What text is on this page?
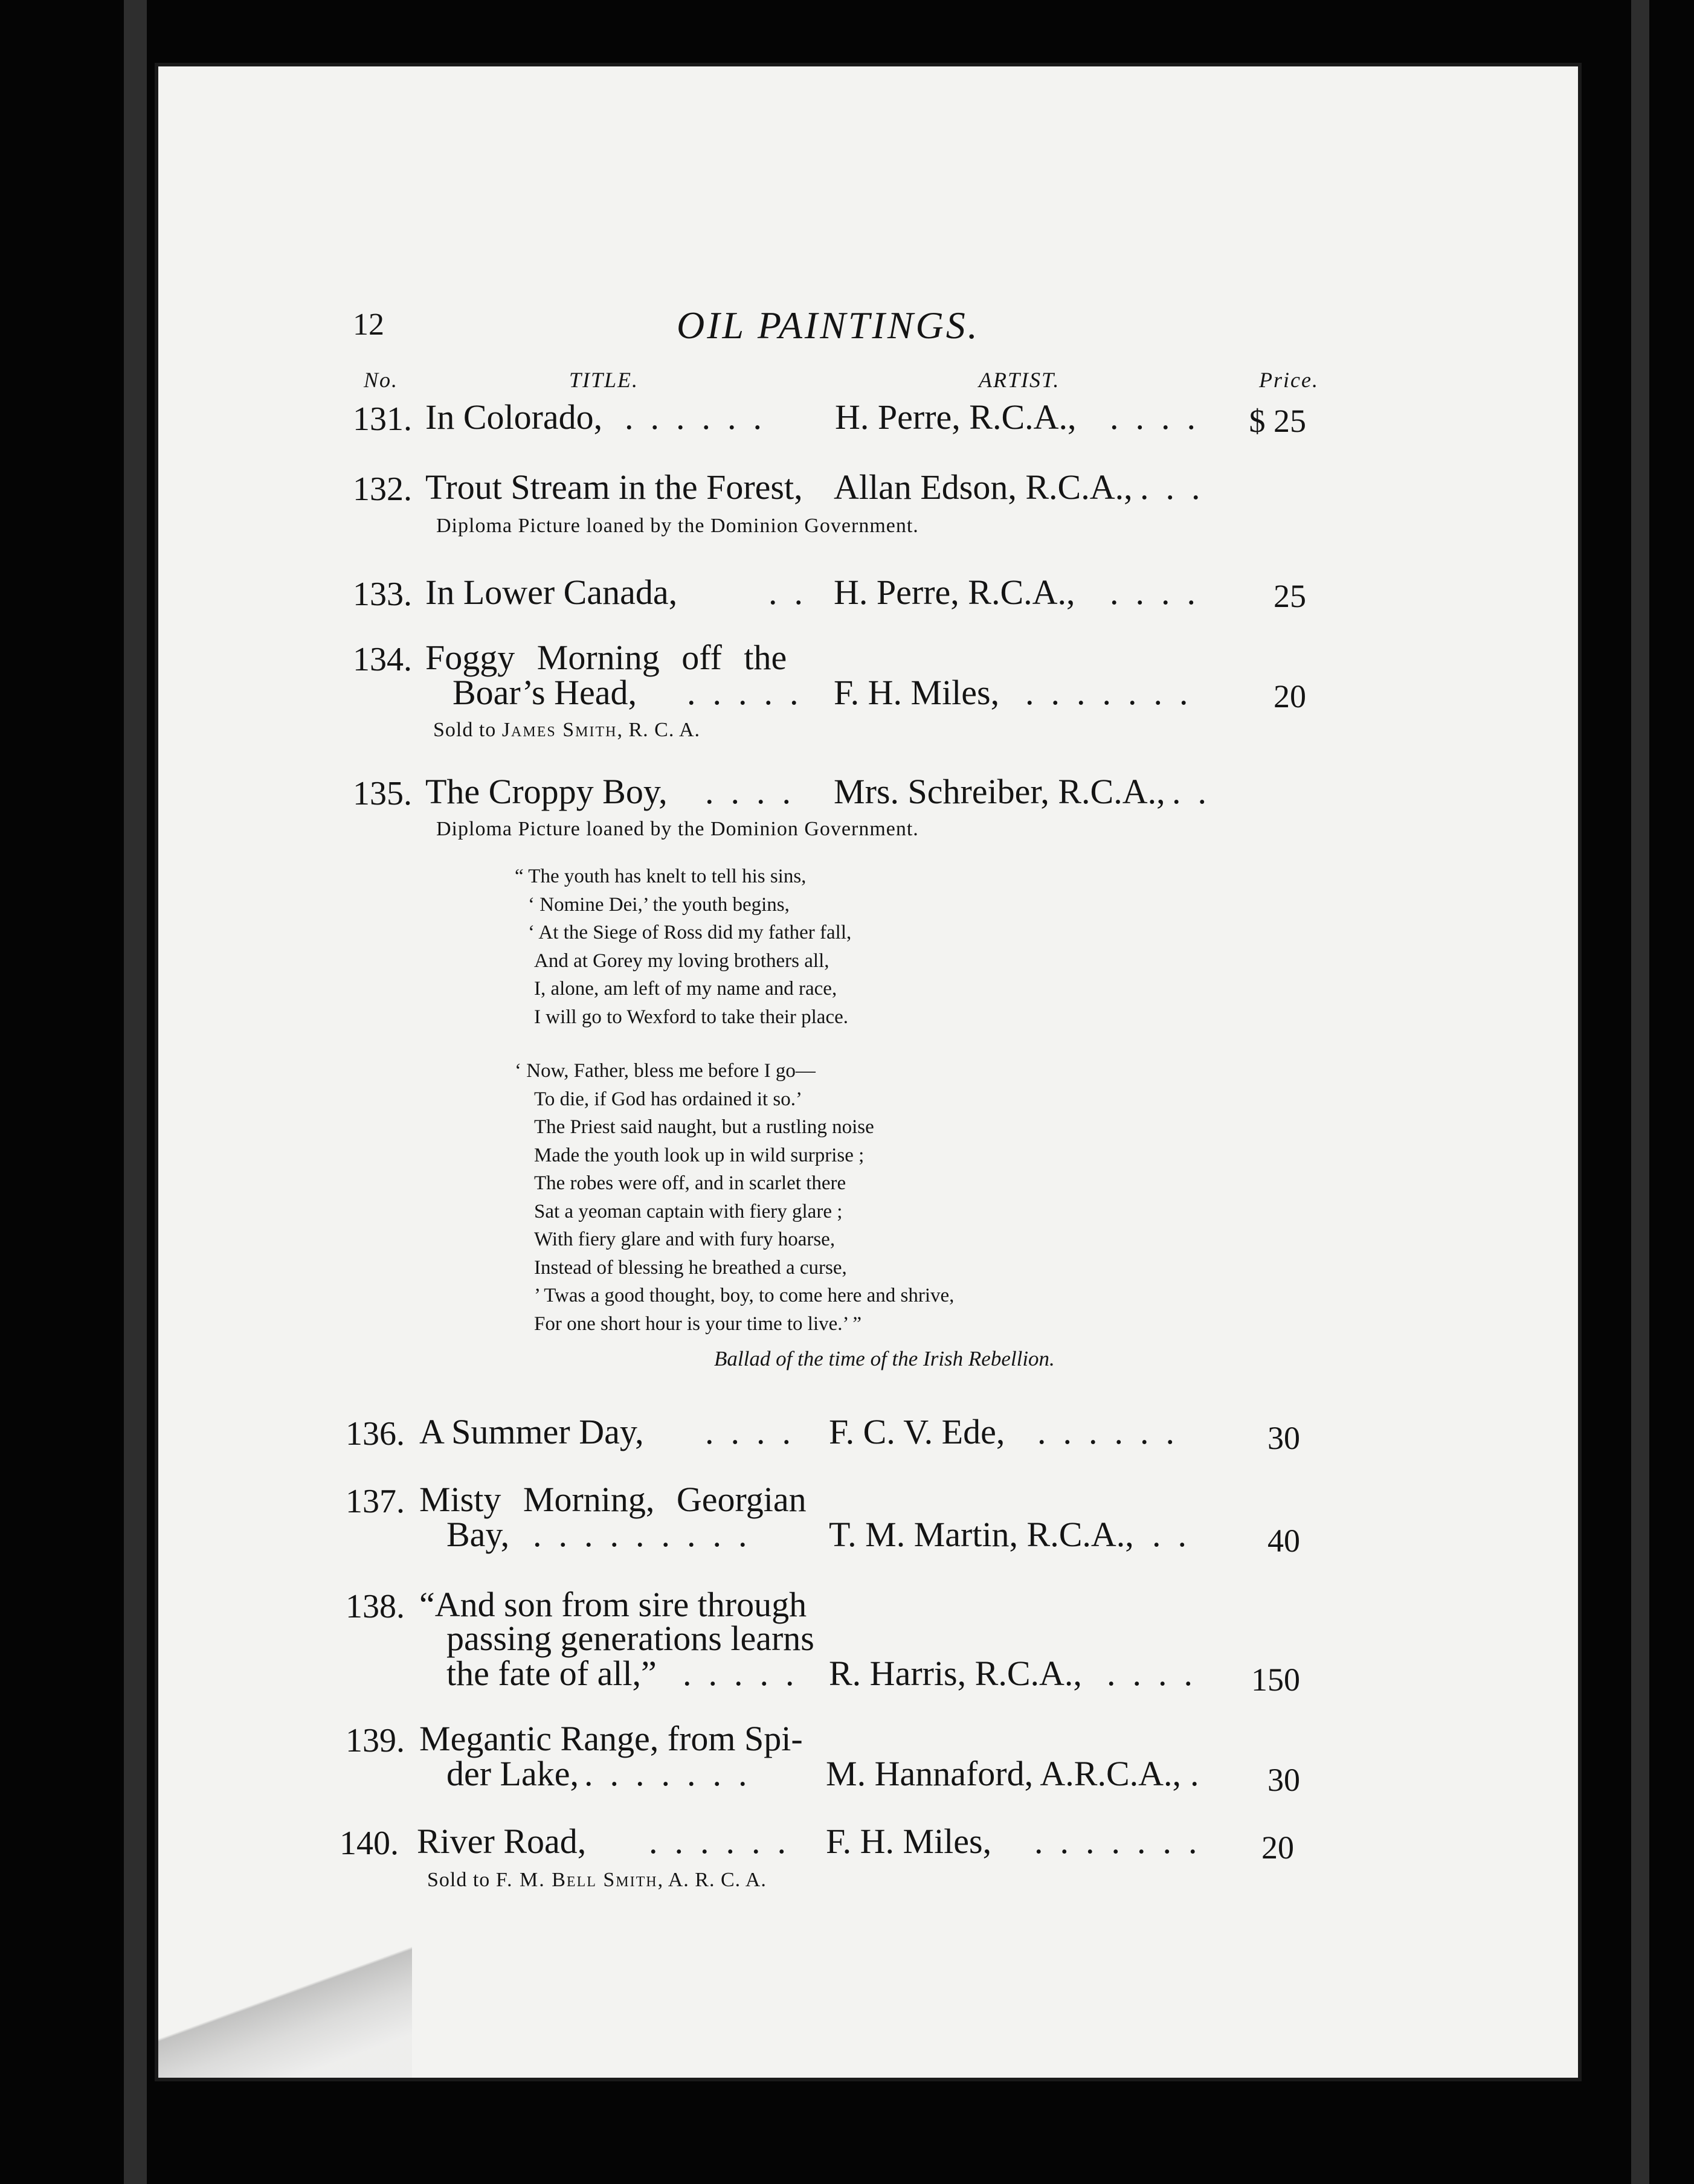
12	OIL PAINTINGS.
No.	TITLE.	ARTIST.	Price.
131. In Colorado, ...... H. Perre, R.C.A., ....	$ 25
132. Trout Stream in the Forest, Allan Edson, R.C.A., ...
Diploma Picture loaned by the Dominion Government.
133. In Lower Canada,	.. H. Perre, R.C.A., ....	25
134. Foggy Morning off the
Boar’s Head, ..... F. H. Miles, .......	20
Sold to James Smith, R. C. A.
135. The Croppy Boy, .... Mrs. Schreiber, R.C.A., ..
Diploma Picture loaned by the Dominion Government.
“ The youth has knelt to tell his sins,
‘ Nomine Dei,’ the youth begins,
‘ At the Siege of Ross did my father fall,
And at Gorey my loving brothers all,
I, alone, am left of my name and race,
I will go to Wexford to take their place.
‘ Now, Father, bless me before I go—
To die, if God has ordained it so.’
The Priest said naught, but a rustling noise
Made the youth look up in wild surprise ;
The robes were off, and in scarlet there
Sat a yeoman captain with fiery glare ;
With fiery glare and with fury hoarse,
Instead of blessing he breathed a curse,
’ Twas a good thought, boy, to come here and shrive,
For one short hour is your time to live.’ ”
Ballad of the time of the Irish Rebellion.
136. A Summer Day, .... F. C. V. Ede, ......	30
137. Misty Morning, Georgian
Bay, ......... T. M. Martin, R.C.A., ..	40
138. “And son from sire through
passing generations learns
the fate of all,” ..... R. Harris, R.C.A., ....	150
139. Megantic Range, from Spi-
der Lake, ....... M. Hannaford, A.R.C.A., .	30
140. River Road, ...... F. H. Miles, .......	20
Sold to F. M. Bell Smith, A. R. C. A.
